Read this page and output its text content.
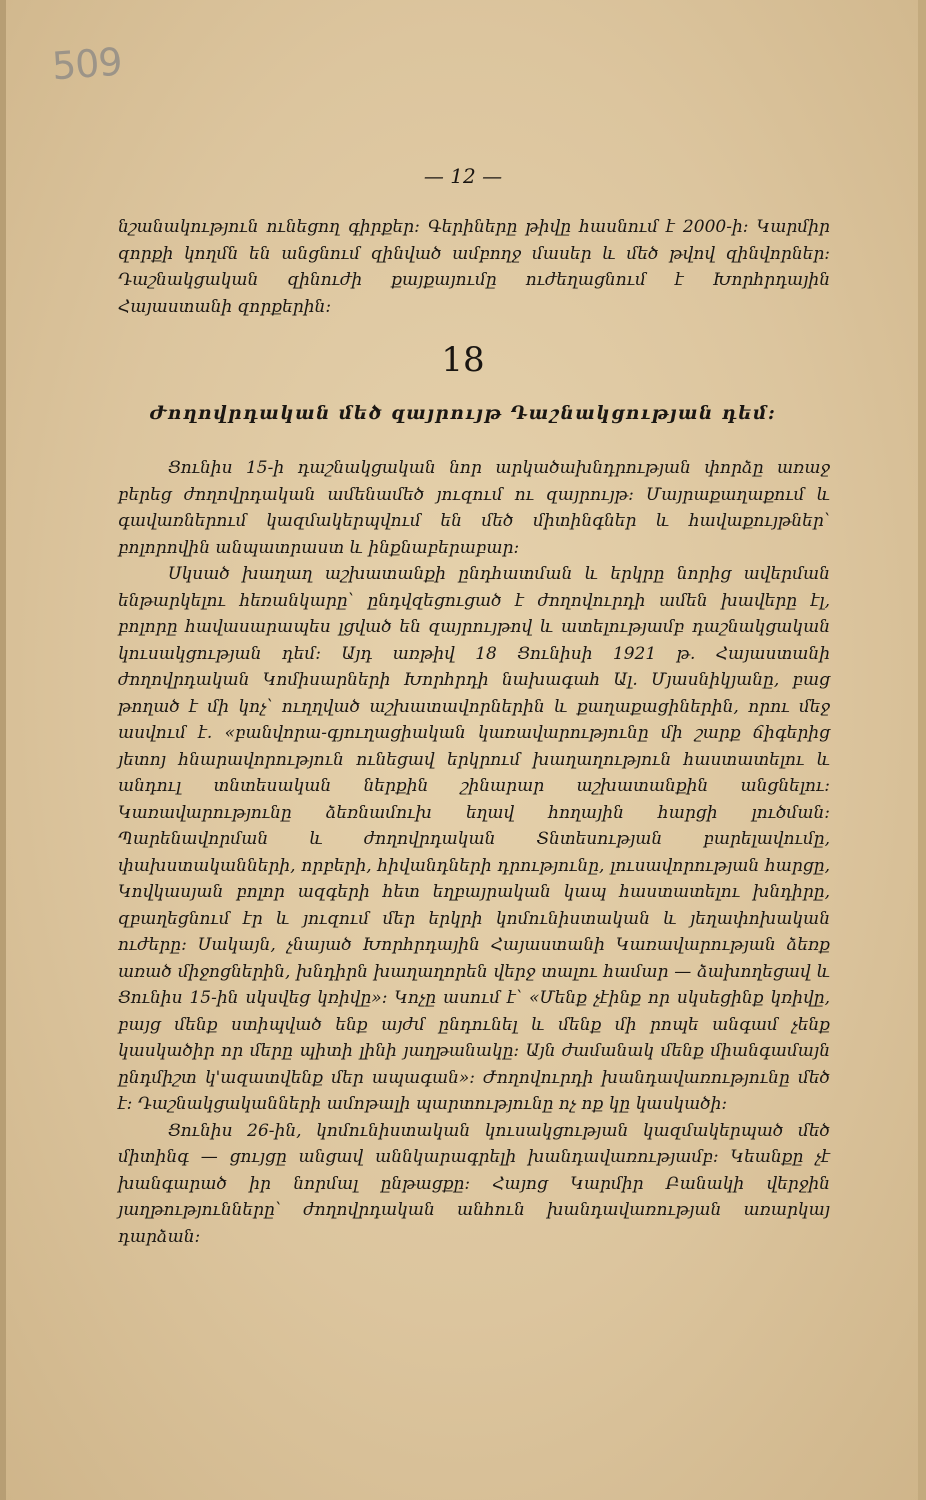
509
— 12 —

նշանակություն ունեցող գիրքեր: Գերիները թիվը հասնում է 2000-ի: Կարմիր զորքի կողմն են անցնում զինված ամբողջ մասեր և մեծ թվով զինվորներ: Դաշնակցական զինուժի քայքայումը ուժեղացնում է Խորհրդային Հայաստանի զորքերին:

18
Ժողովրդական մեծ զայրույթ Դաշնակցության դեմ:

Ցունիս 15-ի դաշնակցական նոր արկածախնդրության փորձը առաջ բերեց ժողովրդական ամենամեծ յուզում ու զայրույթ: Մայրաքաղաքում և գավառներում կազմակերպվում են մեծ միտինգներ և հավաքույթներ՝ բոլորովին անպատրաստ և ինքնաբերաբար:

Սկսած խաղաղ աշխատանքի ընդհատման և երկրը նորից ավերման ենթարկելու հեռանկարը՝ ընդվզեցուցած է ժողովուրդի ամեն խավերը էլ, բոլորը հավասարապես լցված են զայրույթով և ատելությամբ դաշնակցական կուսակցության դեմ: Այդ առթիվ 18 Ցունիսի 1921 թ. Հայաստանի ժողովրդական Կոմիսարների Խորհրդի նախագահ Ալ. Մյասնիկյանը, բաց թողած է մի կոչ՝ ուղղված աշխատավորներին և քաղաքացիներին, որու մեջ ասվում է. «բանվորա-գյուղացիական կառավարությունը մի շարք ճիգերից յետոյ հնարավորություն ունեցավ երկրում խաղաղություն հաստատելու և անդուլ տնտեսական ներքին շինարար աշխատանքին անցնելու: Կառավարությունը ձեռնամուխ եղավ հողային հարցի լուծման: Պարենավորման և ժողովրդական Տնտեսության բարելավումը, փախստականների, որբերի, հիվանդների դրությունը, լուսավորության հարցը, Կովկասյան բոլոր ազգերի հետ եղբայրական կապ հաստատելու խնդիրը, զբաղեցնում էր և յուզում մեր երկրի կոմունիստական և յեղափոխական ուժերը: Սակայն, չնայած Խորհրդային Հայաստանի Կառավարության ձեռք առած միջոցներին, խնդիրն խաղաղորեն վերջ տալու համար — ձախողեցավ և Ցունիս 15-ին սկսվեց կռիվը»: Կոչը ասում է՝ «Մենք չէինք որ սկսեցինք կռիվը, բայց մենք ստիպված ենք այժմ ընդունել և մենք մի րոպե անգամ չենք կասկածիր որ մերը պիտի լինի յաղթանակը: Այն ժամանակ մենք միանգամայն ընդմիշտ կ'ազատվենք մեր ապագան»: Ժողովուրդի խանդավառությունը մեծ է: Դաշնակցականների ամոթալի պարտությունը ոչ ոք կը կասկածի:

Ցունիս 26-ին, կոմունիստական կուսակցության կազմակերպած մեծ միտինգ — ցույցը անցավ աննկարագրելի խանդավառությամբ: Կեանքը չէ խանգարած իր նորմալ ընթացքը: Հայոց Կարմիր Բանակի վերջին յաղթությունները՝ ժողովրդական անհուն խանդավառության առարկայ դարձան:
